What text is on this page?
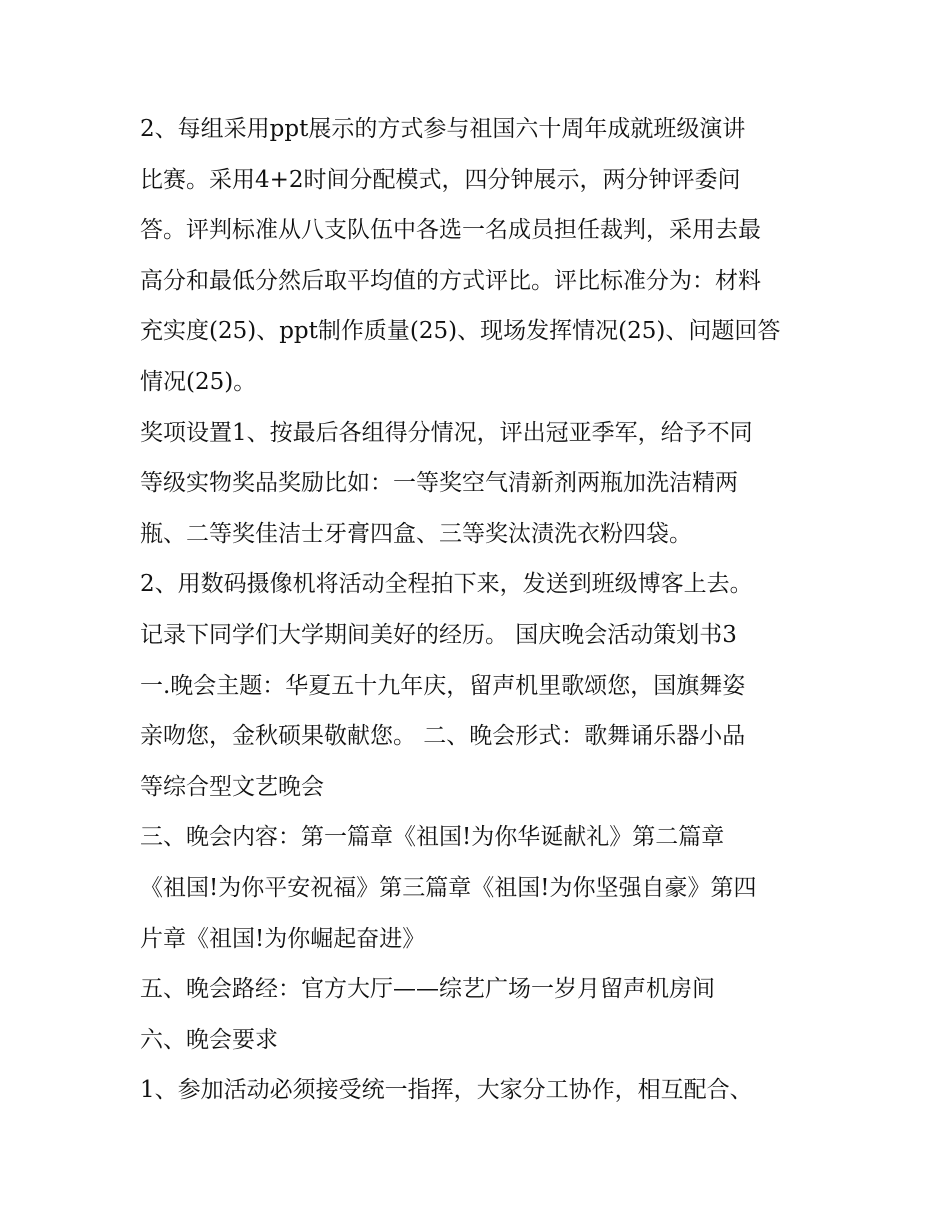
2、每组采用ppt展示的方式参与祖国六十周年成就班级演讲
比赛。采用4+2时间分配模式，四分钟展示，两分钟评委问
答。评判标准从八支队伍中各选一名成员担任裁判，采用去最
高分和最低分然后取平均值的方式评比。评比标准分为：材料
充实度(25)、ppt制作质量(25)、现场发挥情况(25)、问题回答
情况(25)。
奖项设置1、按最后各组得分情况，评出冠亚季军，给予不同
等级实物奖品奖励比如：一等奖空气清新剂两瓶加洗洁精两
瓶、二等奖佳洁士牙膏四盒、三等奖汰渍洗衣粉四袋。
2、用数码摄像机将活动全程拍下来，发送到班级博客上去。
记录下同学们大学期间美好的经历。 国庆晚会活动策划书3
一.晚会主题：华夏五十九年庆，留声机里歌颂您，国旗舞姿
亲吻您，金秋硕果敬献您。 二、晚会形式：歌舞诵乐器小品
等综合型文艺晚会
三、晚会内容：第一篇章《祖国!为你华诞献礼》第二篇章
《祖国!为你平安祝福》第三篇章《祖国!为你坚强自豪》第四
片章《祖国!为你崛起奋进》
五、晚会路经：官方大厅——综艺广场一岁月留声机房间
六、晚会要求
1、参加活动必须接受统一指挥，大家分工协作，相互配合、
